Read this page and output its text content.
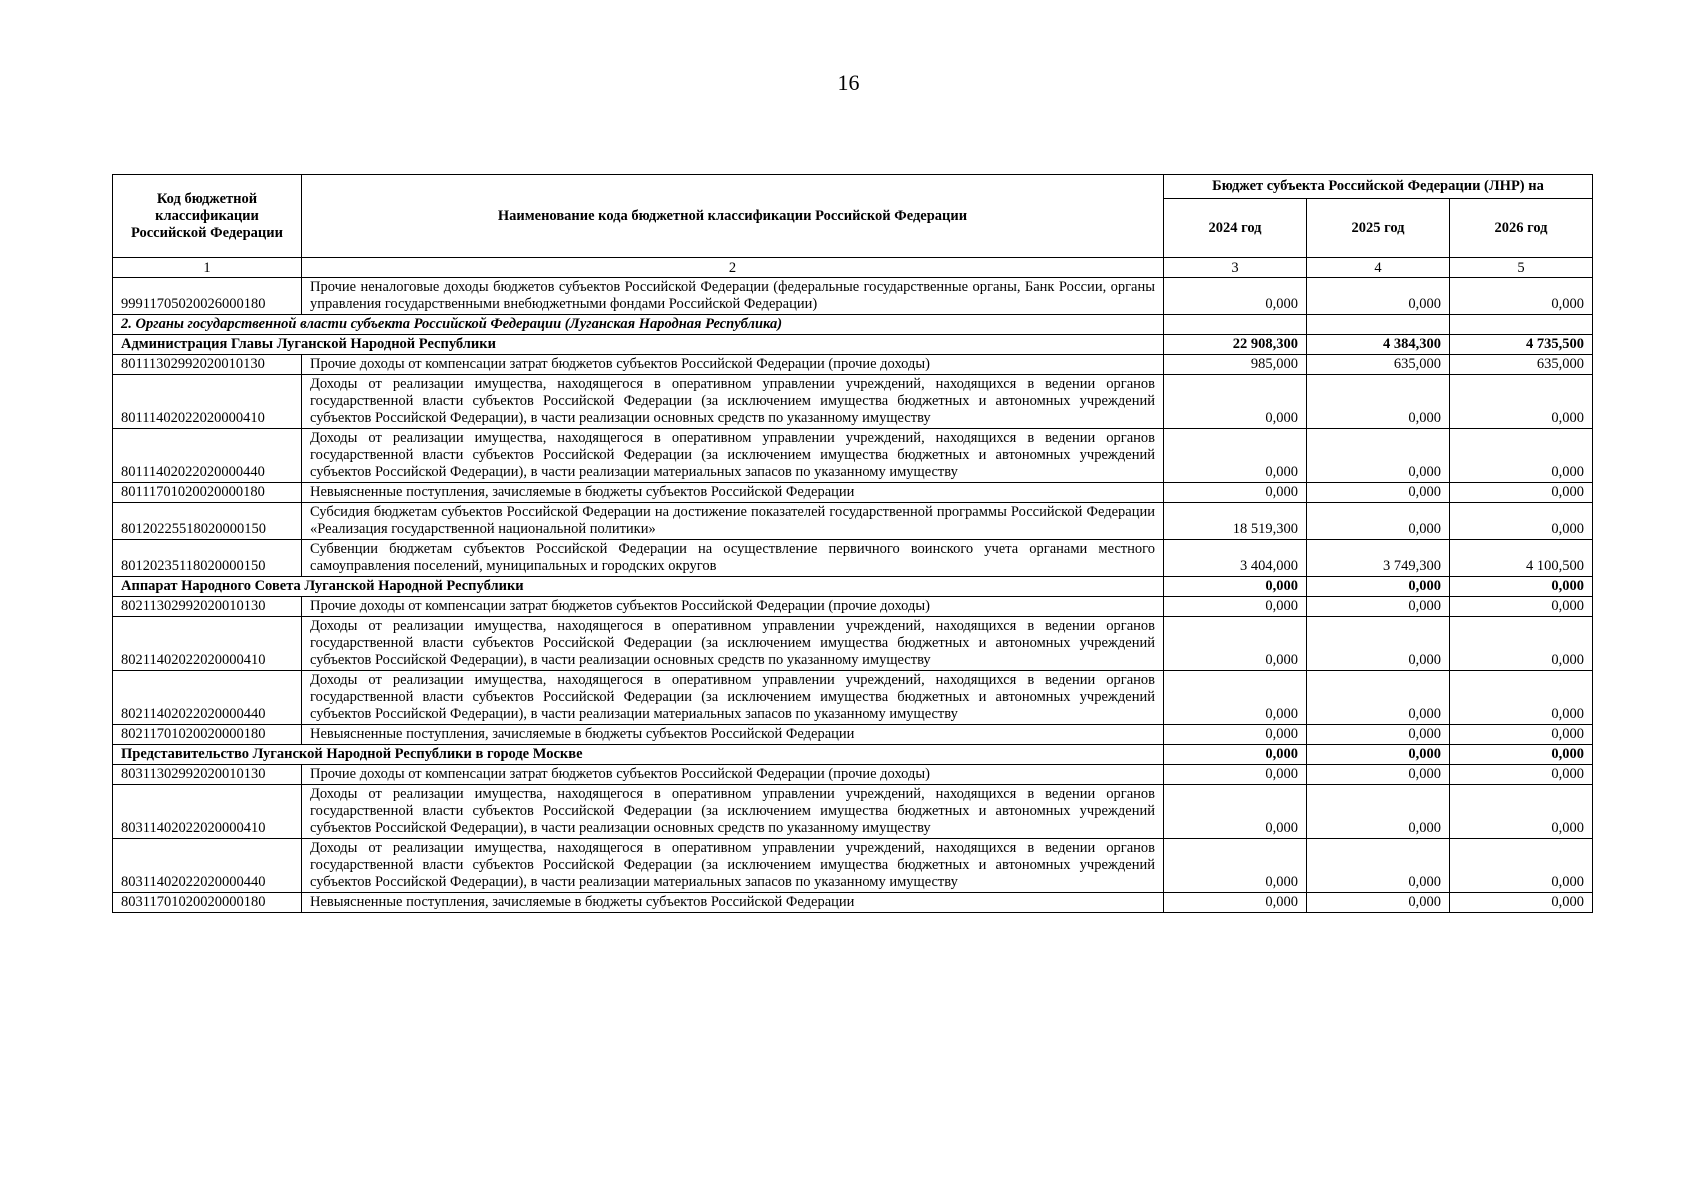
16
Код бюджетной классификации Российской Федерации	Наименование кода бюджетной классификации Российской Федерации	Бюджет субъекта Российской Федерации (ЛНР) на		
		2024 год	2025 год	2026 год
1	2	3	4	5
99911705020026000180	Прочие неналоговые доходы бюджетов субъектов Российской Федерации (федеральные государственные органы, Банк России, органы управления государственными внебюджетными фондами Российской Федерации)	0,000	0,000	0,000
2. Органы государственной власти субъекта Российской Федерации (Луганская Народная Республика)				
Администрация Главы Луганской Народной Республики		22 908,300	4 384,300	4 735,500
80111302992020010130	Прочие доходы от компенсации затрат бюджетов субъектов Российской Федерации (прочие доходы)	985,000	635,000	635,000
80111402022020000410	Доходы от реализации имущества, находящегося в оперативном управлении учреждений, находящихся в ведении органов государственной власти субъектов Российской Федерации (за исключением имущества бюджетных и автономных учреждений субъектов Российской Федерации), в части реализации основных средств по указанному имуществу	0,000	0,000	0,000
80111402022020000440	Доходы от реализации имущества, находящегося в оперативном управлении учреждений, находящихся в ведении органов государственной власти субъектов Российской Федерации (за исключением имущества бюджетных и автономных учреждений субъектов Российской Федерации), в части реализации материальных запасов по указанному имуществу	0,000	0,000	0,000
80111701020020000180	Невыясненные поступления, зачисляемые в бюджеты субъектов Российской Федерации	0,000	0,000	0,000
80120225518020000150	Субсидия бюджетам субъектов Российской Федерации на достижение показателей государственной программы Российской Федерации «Реализация государственной национальной политики»	18 519,300	0,000	0,000
80120235118020000150	Субвенции бюджетам субъектов Российской Федерации на осуществление первичного воинского учета органами местного самоуправления поселений, муниципальных и городских округов	3 404,000	3 749,300	4 100,500
Аппарат Народного Совета Луганской Народной Республики		0,000	0,000	0,000
80211302992020010130	Прочие доходы от компенсации затрат бюджетов субъектов Российской Федерации (прочие доходы)	0,000	0,000	0,000
80211402022020000410	Доходы от реализации имущества, находящегося в оперативном управлении учреждений, находящихся в ведении органов государственной власти субъектов Российской Федерации (за исключением имущества бюджетных и автономных учреждений субъектов Российской Федерации), в части реализации основных средств по указанному имуществу	0,000	0,000	0,000
80211402022020000440	Доходы от реализации имущества, находящегося в оперативном управлении учреждений, находящихся в ведении органов государственной власти субъектов Российской Федерации (за исключением имущества бюджетных и автономных учреждений субъектов Российской Федерации), в части реализации материальных запасов по указанному имуществу	0,000	0,000	0,000
80211701020020000180	Невыясненные поступления, зачисляемые в бюджеты субъектов Российской Федерации	0,000	0,000	0,000
Представительство Луганской Народной Республики в городе Москве		0,000	0,000	0,000
80311302992020010130	Прочие доходы от компенсации затрат бюджетов субъектов Российской Федерации (прочие доходы)	0,000	0,000	0,000
80311402022020000410	Доходы от реализации имущества, находящегося в оперативном управлении учреждений, находящихся в ведении органов государственной власти субъектов Российской Федерации (за исключением имущества бюджетных и автономных учреждений субъектов Российской Федерации), в части реализации основных средств по указанному имуществу	0,000	0,000	0,000
80311402022020000440	Доходы от реализации имущества, находящегося в оперативном управлении учреждений, находящихся в ведении органов государственной власти субъектов Российской Федерации (за исключением имущества бюджетных и автономных учреждений субъектов Российской Федерации), в части реализации материальных запасов по указанному имуществу	0,000	0,000	0,000
80311701020020000180	Невыясненные поступления, зачисляемые в бюджеты субъектов Российской Федерации	0,000	0,000	0,000
